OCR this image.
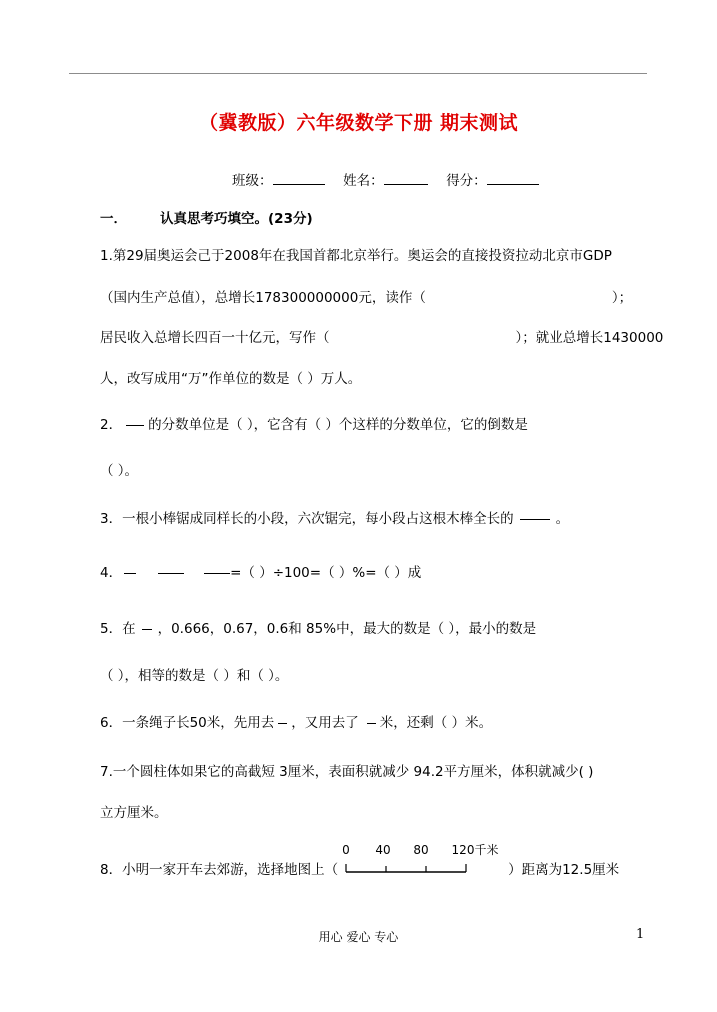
（冀教版）六年级数学下册 期末测试
班级：	姓名：	得分：
一． 认真思考巧填空。(23分)
1.第29届奥运会己于2008年在我国首都北京举行。奥运会的直接投资拉动北京市GDP
（国内生产总值），总增长178300000000元，读作（	）；
居民收入总增长四百一十亿元，写作（	）；就业总增长1430000
人，改写成用“万”作单位的数是（ ）万人。
2． 的分数单位是（ ），它含有（ ）个这样的分数单位，它的倒数是
（ ）。
3．一根小棒锯成同样长的小段，六次锯完，每小段占这根木棒全长的	。
4．	=（ ）÷100=（ ）%=（ ）成
5．在 ，0.666，0.67，0.6和 85%中，最大的数是（ ），最小的数是
（ ），相等的数是（ ）和（ ）。
6．一条绳子长50米，先用去 ，又用去了 米，还剩（ ）米。
7.一个圆柱体如果它的高截短 3厘米，表面积就减少 94.2平方厘米，体积就减少( )
立方厘米。
8．小明一家开车去郊游，选择地图上（
0 40 80 120千米
）距离为12.5厘米
用心 爱心 专心	1
